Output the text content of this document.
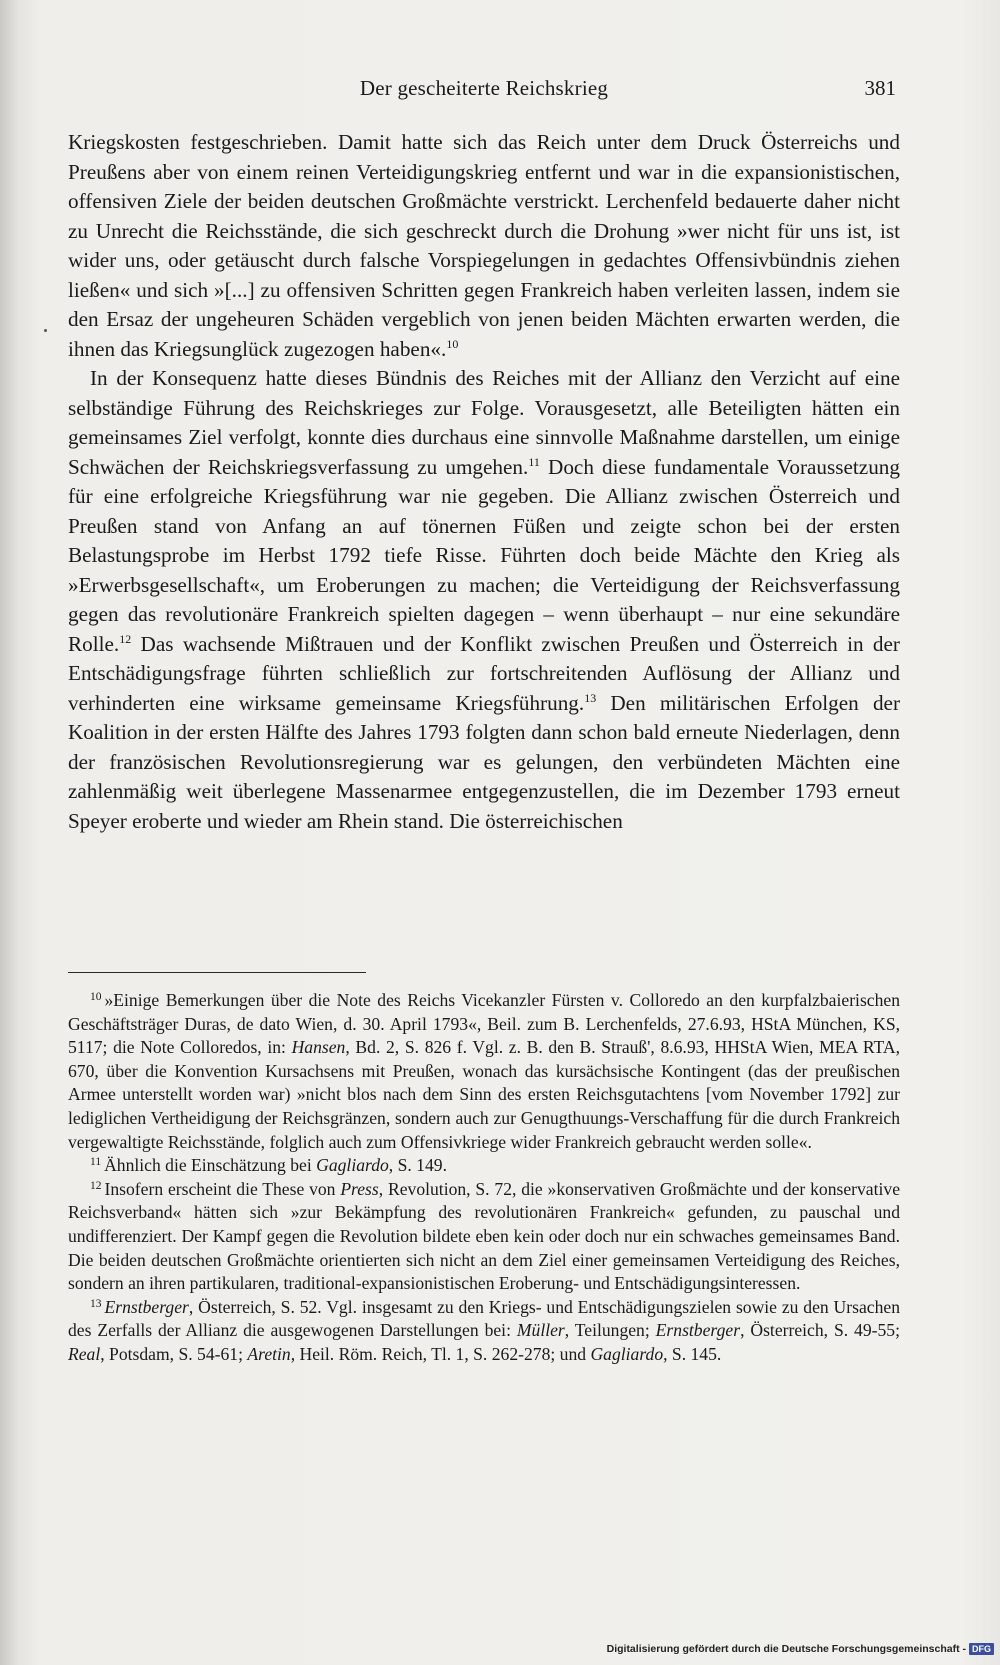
Der gescheiterte Reichskrieg	381

Kriegskosten festgeschrieben. Damit hatte sich das Reich unter dem Druck Österreichs und Preußens aber von einem reinen Verteidigungskrieg entfernt und war in die expansionistischen, offensiven Ziele der beiden deutschen Großmächte verstrickt. Lerchenfeld bedauerte daher nicht zu Unrecht die Reichsstände, die sich geschreckt durch die Drohung »wer nicht für uns ist, ist wider uns, oder getäuscht durch falsche Vorspiegelungen in gedachtes Offensivbündnis ziehen ließen« und sich »[...] zu offensiven Schritten gegen Frankreich haben verleiten lassen, indem sie den Ersaz der ungeheuren Schäden vergeblich von jenen beiden Mächten erwarten werden, die ihnen das Kriegsunglück zugezogen haben«.$^{10}$

In der Konsequenz hatte dieses Bündnis des Reiches mit der Allianz den Verzicht auf eine selbständige Führung des Reichskrieges zur Folge. Vorausgesetzt, alle Beteiligten hätten ein gemeinsames Ziel verfolgt, konnte dies durchaus eine sinnvolle Maßnahme darstellen, um einige Schwächen der Reichskriegsverfassung zu umgehen.$^{11}$ Doch diese fundamentale Voraussetzung für eine erfolgreiche Kriegsführung war nie gegeben. Die Allianz zwischen Österreich und Preußen stand von Anfang an auf tönernen Füßen und zeigte schon bei der ersten Belastungsprobe im Herbst 1792 tiefe Risse. Führten doch beide Mächte den Krieg als »Erwerbsgesellschaft«, um Eroberungen zu machen; die Verteidigung der Reichsverfassung gegen das revolutionäre Frankreich spielten dagegen – wenn überhaupt – nur eine sekundäre Rolle.$^{12}$ Das wachsende Mißtrauen und der Konflikt zwischen Preußen und Österreich in der Entschädigungsfrage führten schließlich zur fortschreitenden Auflösung der Allianz und verhinderten eine wirksame gemeinsame Kriegsführung.$^{13}$ Den militärischen Erfolgen der Koalition in der ersten Hälfte des Jahres 1793 folgten dann schon bald erneute Niederlagen, denn der französischen Revolutionsregierung war es gelungen, den verbündeten Mächten eine zahlenmäßig weit überlegene Massenarmee entgegenzustellen, die im Dezember 1793 erneut Speyer eroberte und wieder am Rhein stand. Die österreichischen

$^{10}$ »Einige Bemerkungen über die Note des Reichs Vicekanzler Fürsten v. Colloredo an den kurpfalzbaierischen Geschäftsträger Duras, de dato Wien, d. 30. April 1793«, Beil. zum B. Lerchenfelds, 27.6.93, HStA München, KS, 5117; die Note Colloredos, in: Hansen, Bd. 2, S. 826 f. Vgl. z. B. den B. Strauß', 8.6.93, HHStA Wien, MEA RTA, 670, über die Konvention Kursachsens mit Preußen, wonach das kursächsische Kontingent (das der preußischen Armee unterstellt worden war) »nicht blos nach dem Sinn des ersten Reichsgutachtens [vom November 1792] zur lediglichen Vertheidigung der Reichsgränzen, sondern auch zur Genugthuungs-Verschaffung für die durch Frankreich vergewaltigte Reichsstände, folglich auch zum Offensivkriege wider Frankreich gebraucht werden solle«.

$^{11}$ Ähnlich die Einschätzung bei Gagliardo, S. 149.

$^{12}$ Insofern erscheint die These von Press, Revolution, S. 72, die »konservativen Großmächte und der konservative Reichsverband« hätten sich »zur Bekämpfung des revolutionären Frankreich« gefunden, zu pauschal und undifferenziert. Der Kampf gegen die Revolution bildete eben kein oder doch nur ein schwaches gemeinsames Band. Die beiden deutschen Großmächte orientierten sich nicht an dem Ziel einer gemeinsamen Verteidigung des Reiches, sondern an ihren partikularen, traditional-expansionistischen Eroberung- und Entschädigungsinteressen.

$^{13}$ Ernstberger, Österreich, S. 52. Vgl. insgesamt zu den Kriegs- und Entschädigungszielen sowie zu den Ursachen des Zerfalls der Allianz die ausgewogenen Darstellungen bei: Müller, Teilungen; Ernstberger, Österreich, S. 49-55; Real, Potsdam, S. 54-61; Aretin, Heil. Röm. Reich, Tl. 1, S. 262-278; und Gagliardo, S. 145.

Digitalisierung gefördert durch die Deutsche Forschungsgemeinschaft - DFG
